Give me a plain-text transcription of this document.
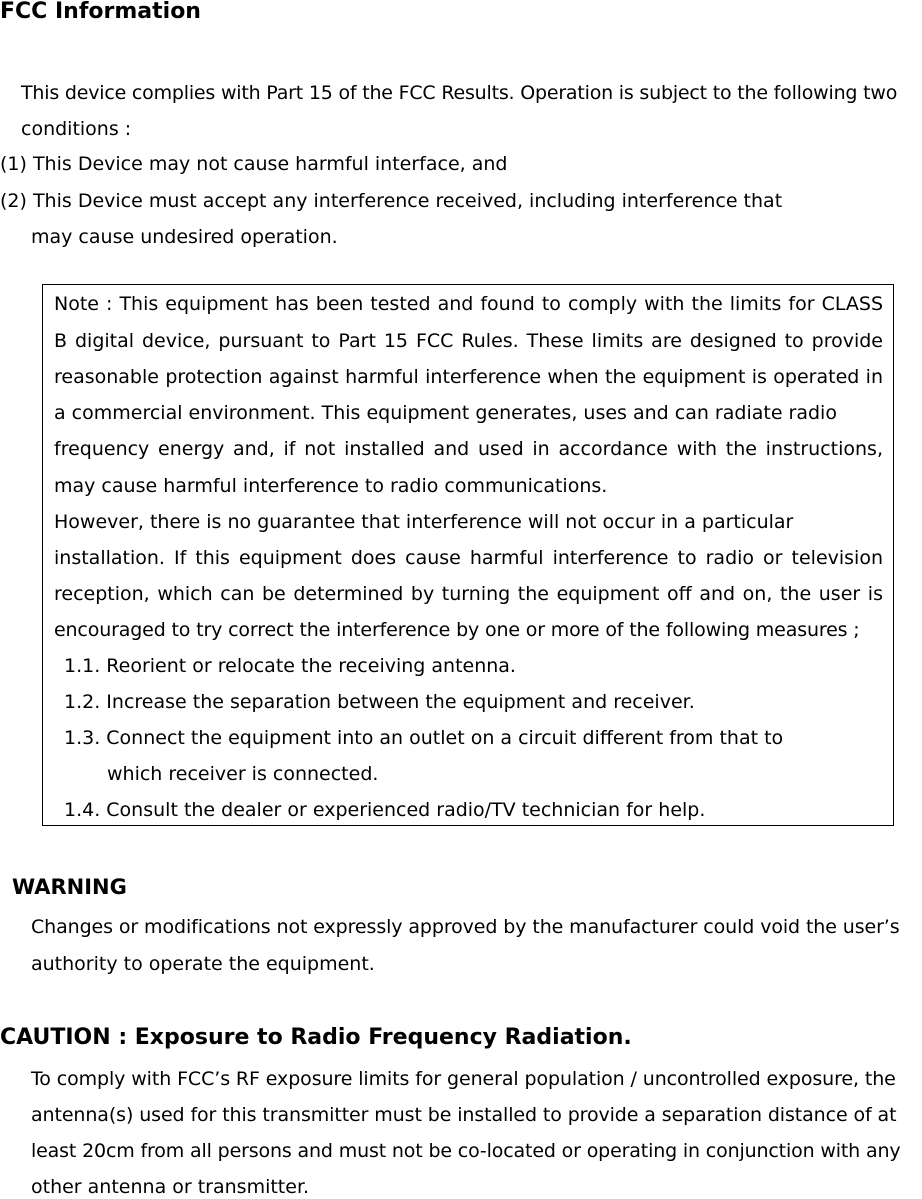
FCC Information
This device complies with Part 15 of the FCC Results. Operation is subject to the following two
conditions :
(1) This Device may not cause harmful interface, and
(2) This Device must accept any interference received, including interference that
may cause undesired operation.
Note : This equipment has been tested and found to comply with the limits for CLASS
B digital device, pursuant to Part 15 FCC Rules. These limits are designed to provide
reasonable protection against harmful interference when the equipment is operated in
a commercial environment. This equipment generates, uses and can radiate radio
frequency energy and, if not installed and used in accordance with the instructions,
may cause harmful interference to radio communications.
However, there is no guarantee that interference will not occur in a particular
installation. If this equipment does cause harmful interference to radio or television
reception, which can be determined by turning the equipment off and on, the user is
encouraged to try correct the interference by one or more of the following measures ;
1.1. Reorient or relocate the receiving antenna.
1.2. Increase the separation between the equipment and receiver.
1.3. Connect the equipment into an outlet on a circuit different from that to
which receiver is connected.
1.4. Consult the dealer or experienced radio/TV technician for help.
WARNING
Changes or modifications not expressly approved by the manufacturer could void the user’s
authority to operate the equipment.
CAUTION : Exposure to Radio Frequency Radiation.
To comply with FCC’s RF exposure limits for general population / uncontrolled exposure, the
antenna(s) used for this transmitter must be installed to provide a separation distance of at
least 20cm from all persons and must not be co-located or operating in conjunction with any
other antenna or transmitter.
